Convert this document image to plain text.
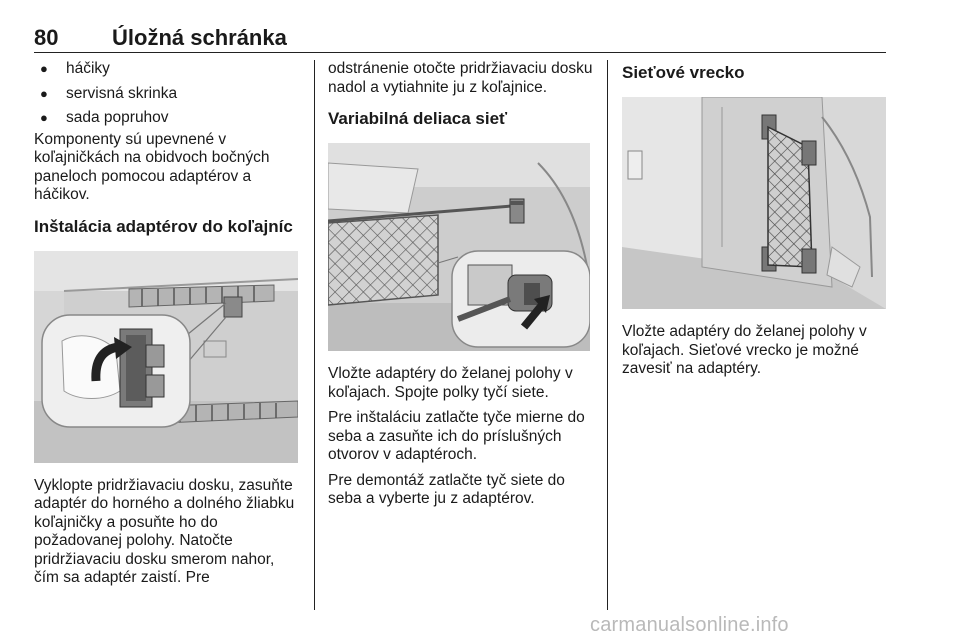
80 Úložná schránka
● háčiky
● servisná skrinka
● sada popruhov

Komponenty sú upevnené v koľajničkách na obidvoch bočných paneloch pomocou adaptérov a háčikov.

Inštalácia adaptérov do koľajníc

Vyklopte pridržiavaciu dosku, zasuňte adaptér do horného a dolného žliabku koľajničky a posuňte ho do požadovanej polohy. Natočte pridržiavaciu dosku smerom nahor, čím sa adaptér zaistí. Pre

odstránenie otočte pridržiavaciu dosku nadol a vytiahnite ju z koľajnice.

Variabilná deliaca sieť

Vložte adaptéry do želanej polohy v koľajach. Spojte polky tyčí siete.

Pre inštaláciu zatlačte tyče mierne do seba a zasuňte ich do príslušných otvorov v adaptéroch.

Pre demontáž zatlačte tyč siete do seba a vyberte ju z adaptérov.

Sieťové vrecko

Vložte adaptéry do želanej polohy v koľajach. Sieťové vrecko je možné zavesiť na adaptéry.

carmanualsonline.info
